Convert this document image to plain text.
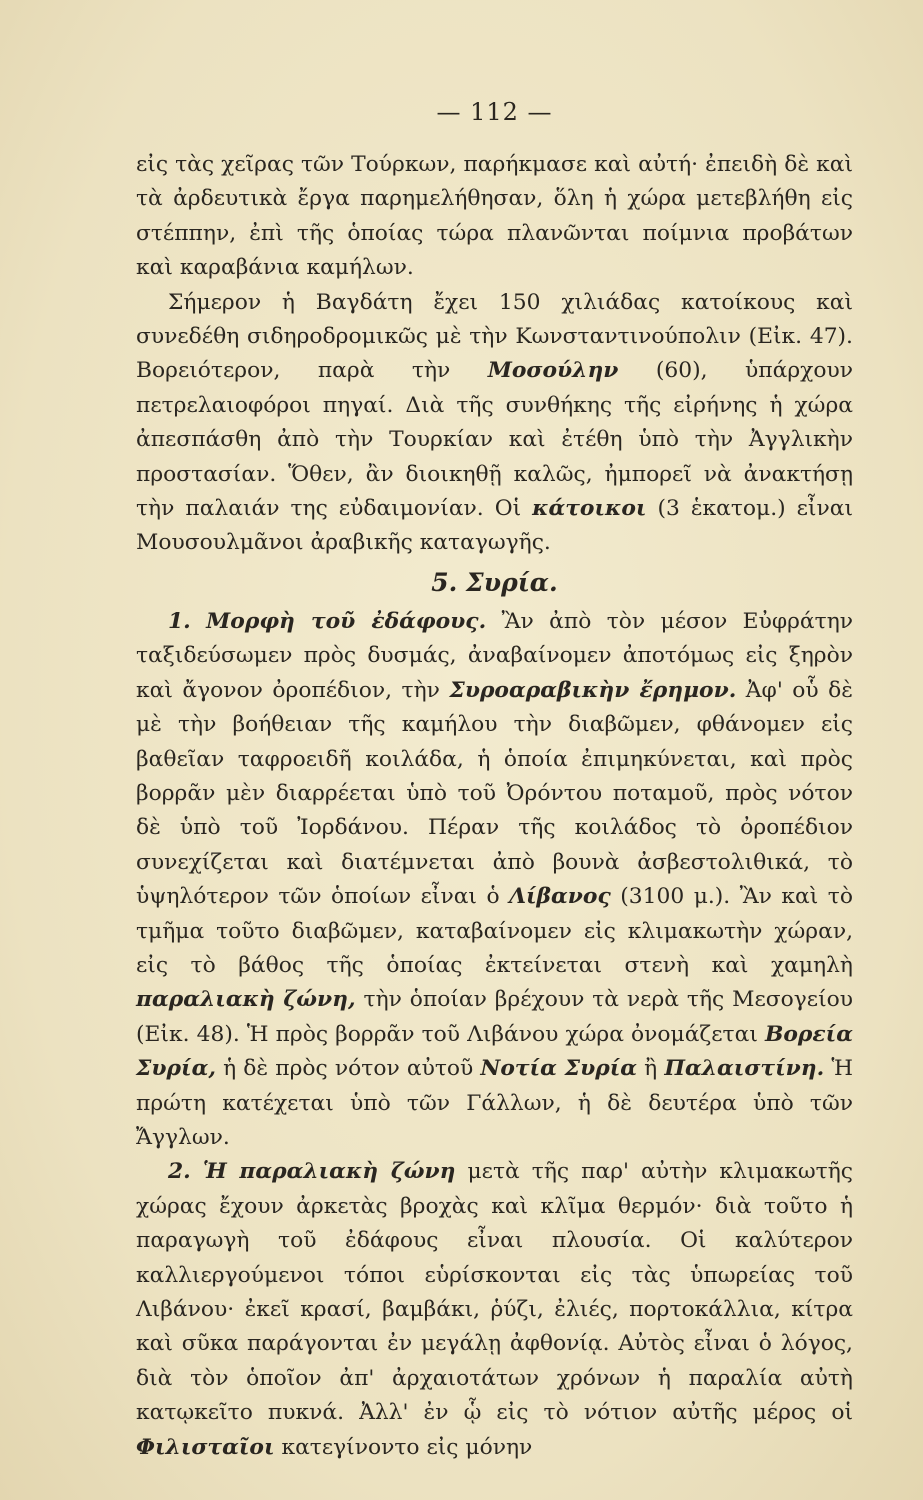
— 112 —

εἰς τὰς χεῖρας τῶν Τούρκων, παρήκμασε καὶ αὐτή· ἐπειδὴ δὲ καὶ τὰ ἀρδευτικὰ ἔργα παρημελήθησαν, ὅλη ἡ χώρα μετεβλήθη εἰς στέππην, ἐπὶ τῆς ὁποίας τώρα πλανῶνται ποίμνια προβάτων καὶ καραβάνια καμήλων.

Σήμερον ἡ Βαγδάτη ἔχει 150 χιλιάδας κατοίκους καὶ συνεδέθη σιδηροδρομικῶς μὲ τὴν Κωνσταντινούπολιν (Εἰκ. 47). Βορειότερον, παρὰ τὴν Μοσούλην (60), ὑπάρχουν πετρελαιοφόροι πηγαί. Διὰ τῆς συνθήκης τῆς εἰρήνης ἡ χώρα ἀπεσπάσθη ἀπὸ τὴν Τουρκίαν καὶ ἐτέθη ὑπὸ τὴν Ἀγγλικὴν προστασίαν. Ὅθεν, ἂν διοικηθῇ καλῶς, ἠμπορεῖ νὰ ἀνακτήσῃ τὴν παλαιάν της εὐδαιμονίαν. Οἱ κάτοικοι (3 ἑκατομ.) εἶναι Μουσουλμᾶνοι ἀραβικῆς καταγωγῆς.

5. Συρία.

1. Μορφὴ τοῦ ἐδάφους. Ἂν ἀπὸ τὸν μέσον Εὐφράτην ταξιδεύσωμεν πρὸς δυσμάς, ἀναβαίνομεν ἀποτόμως εἰς ξηρὸν καὶ ἄγονον ὀροπέδιον, τὴν Συροαραβικὴν ἔρημον. Ἀφ' οὗ δὲ μὲ τὴν βοήθειαν τῆς καμήλου τὴν διαβῶμεν, φθάνομεν εἰς βαθεῖαν ταφροειδῆ κοιλάδα, ἡ ὁποία ἐπιμηκύνεται, καὶ πρὸς βορρᾶν μὲν διαρρέεται ὑπὸ τοῦ Ὀρόντου ποταμοῦ, πρὸς νότον δὲ ὑπὸ τοῦ Ἰορδάνου. Πέραν τῆς κοιλάδος τὸ ὀροπέδιον συνεχίζεται καὶ διατέμνεται ἀπὸ βουνὰ ἀσβεστολιθικά, τὸ ὑψηλότερον τῶν ὁποίων εἶναι ὁ Λίβανος (3100 μ.). Ἂν καὶ τὸ τμῆμα τοῦτο διαβῶμεν, καταβαίνομεν εἰς κλιμακωτὴν χώραν, εἰς τὸ βάθος τῆς ὁποίας ἐκτείνεται στενὴ καὶ χαμηλὴ παραλιακὴ ζώνη, τὴν ὁποίαν βρέχουν τὰ νερὰ τῆς Μεσογείου (Εἰκ. 48). Ἡ πρὸς βορρᾶν τοῦ Λιβάνου χώρα ὀνομάζεται Βορεία Συρία, ἡ δὲ πρὸς νότον αὐτοῦ Νοτία Συρία ἢ Παλαιστίνη. Ἡ πρώτη κατέχεται ὑπὸ τῶν Γάλλων, ἡ δὲ δευτέρα ὑπὸ τῶν Ἄγγλων.

2. Ἡ παραλιακὴ ζώνη μετὰ τῆς παρ' αὐτὴν κλιμακωτῆς χώρας ἔχουν ἀρκετὰς βροχὰς καὶ κλῖμα θερμόν· διὰ τοῦτο ἡ παραγωγὴ τοῦ ἐδάφους εἶναι πλουσία. Οἱ καλύτερον καλλιεργούμενοι τόποι εὑρίσκονται εἰς τὰς ὑπωρείας τοῦ Λιβάνου· ἐκεῖ κρασί, βαμβάκι, ῥύζι, ἐλιές, πορτοκάλλια, κίτρα καὶ σῦκα παράγονται ἐν μεγάλῃ ἀφθονίᾳ. Αὐτὸς εἶναι ὁ λόγος, διὰ τὸν ὁποῖον ἀπ' ἀρχαιοτάτων χρόνων ἡ παραλία αὐτὴ κατῳκεῖτο πυκνά. Ἀλλ' ἐν ᾧ εἰς τὸ νότιον αὐτῆς μέρος οἱ Φιλισταῖοι κατεγίνοντο εἰς μόνην
